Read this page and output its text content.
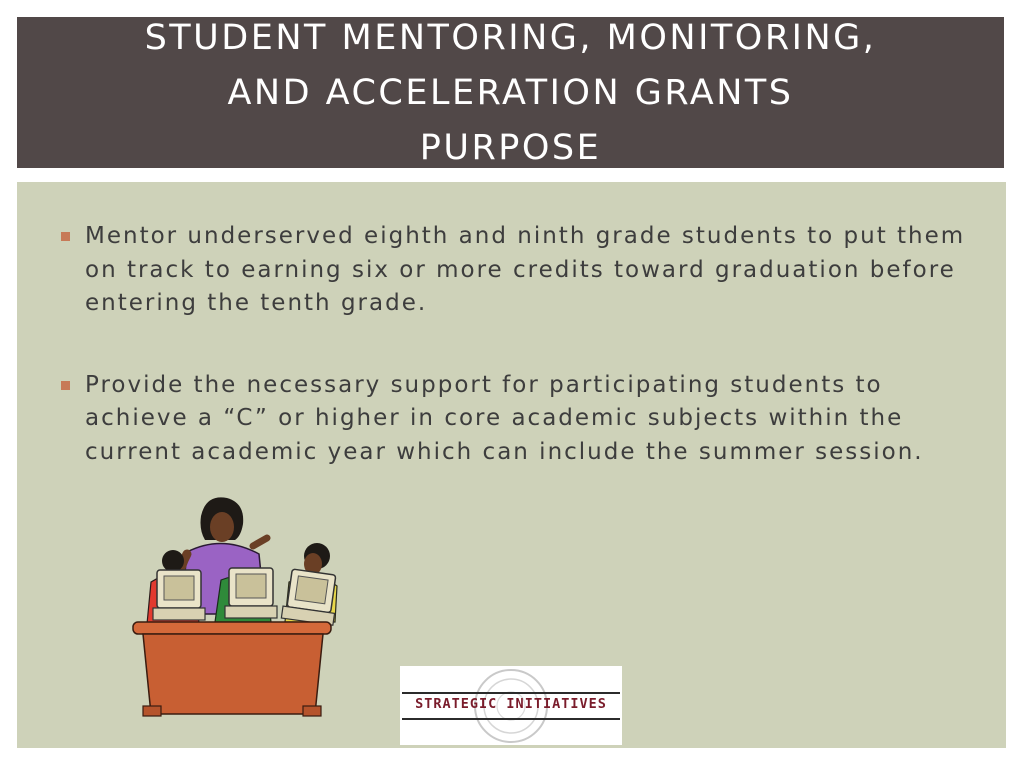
STUDENT MENTORING, MONITORING,
AND ACCELERATION GRANTS
PURPOSE
Mentor underserved eighth and ninth grade students to put them on track to earning six or more credits toward graduation before entering the tenth grade.
Provide the necessary support for participating students to achieve a “C” or higher in core academic subjects within the current academic year which can include the summer session.
STRATEGIC INITIATIVES
